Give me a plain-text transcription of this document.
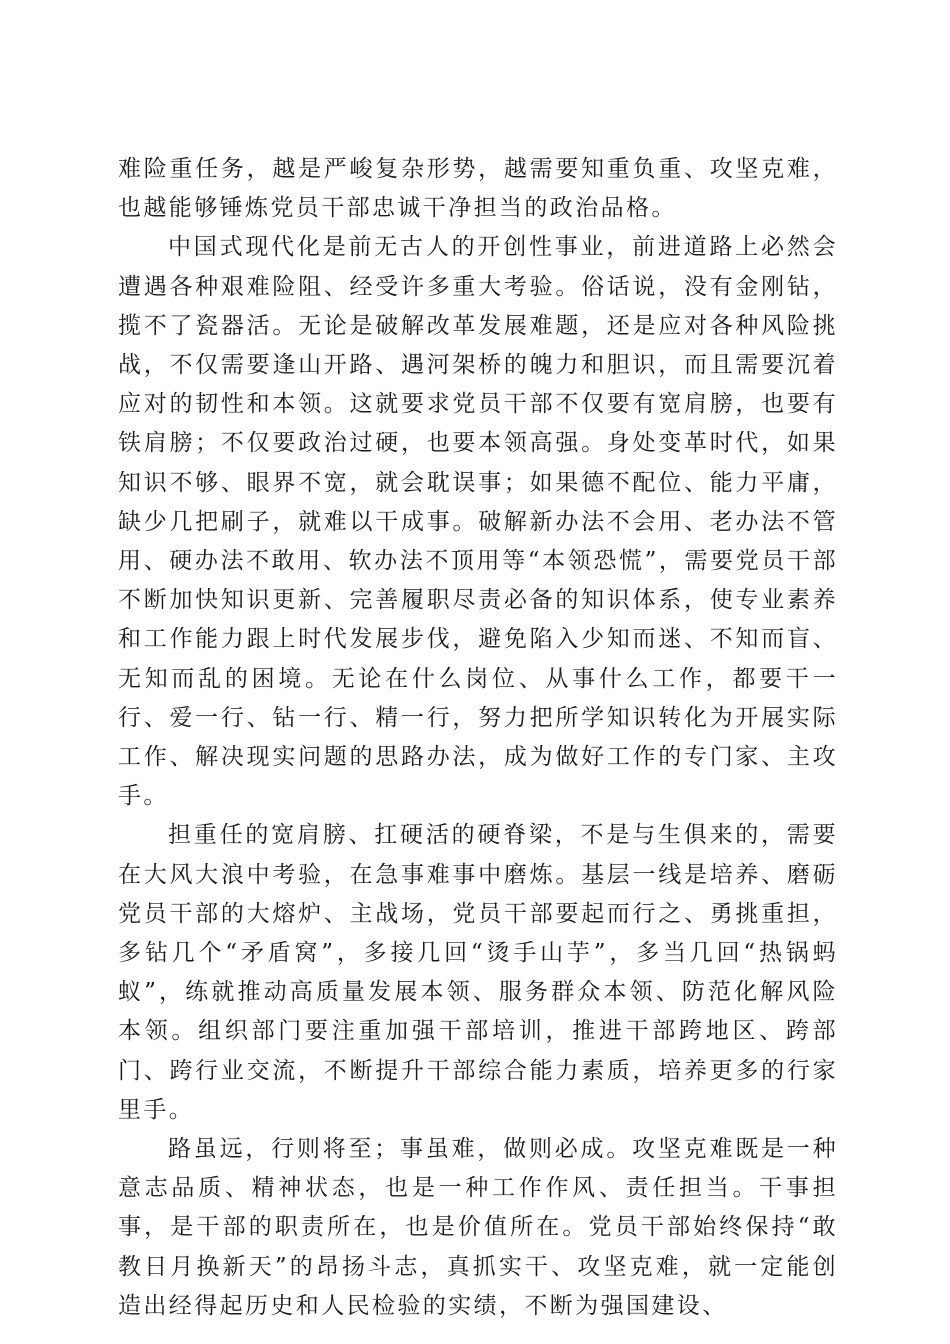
难险重任务，越是严峻复杂形势，越需要知重负重、攻坚克难，也越能够锤炼党员干部忠诚干净担当的政治品格。

中国式现代化是前无古人的开创性事业，前进道路上必然会遭遇各种艰难险阻、经受许多重大考验。俗话说，没有金刚钻，揽不了瓷器活。无论是破解改革发展难题，还是应对各种风险挑战，不仅需要逢山开路、遇河架桥的魄力和胆识，而且需要沉着应对的韧性和本领。这就要求党员干部不仅要有宽肩膀，也要有铁肩膀；不仅要政治过硬，也要本领高强。身处变革时代，如果知识不够、眼界不宽，就会耽误事；如果德不配位、能力平庸，缺少几把刷子，就难以干成事。破解新办法不会用、老办法不管用、硬办法不敢用、软办法不顶用等“本领恐慌”，需要党员干部不断加快知识更新、完善履职尽责必备的知识体系，使专业素养和工作能力跟上时代发展步伐，避免陷入少知而迷、不知而盲、无知而乱的困境。无论在什么岗位、从事什么工作，都要干一行、爱一行、钻一行、精一行，努力把所学知识转化为开展实际工作、解决现实问题的思路办法，成为做好工作的专门家、主攻手。

担重任的宽肩膀、扛硬活的硬脊梁，不是与生俱来的，需要在大风大浪中考验，在急事难事中磨炼。基层一线是培养、磨砺党员干部的大熔炉、主战场，党员干部要起而行之、勇挑重担，多钻几个“矛盾窝”，多接几回“烫手山芋”，多当几回“热锅蚂蚁”，练就推动高质量发展本领、服务群众本领、防范化解风险本领。组织部门要注重加强干部培训，推进干部跨地区、跨部门、跨行业交流，不断提升干部综合能力素质，培养更多的行家里手。

路虽远，行则将至；事虽难，做则必成。攻坚克难既是一种意志品质、精神状态，也是一种工作作风、责任担当。干事担事，是干部的职责所在，也是价值所在。党员干部始终保持“敢教日月换新天”的昂扬斗志，真抓实干、攻坚克难，就一定能创造出经得起历史和人民检验的实绩，不断为强国建设、
